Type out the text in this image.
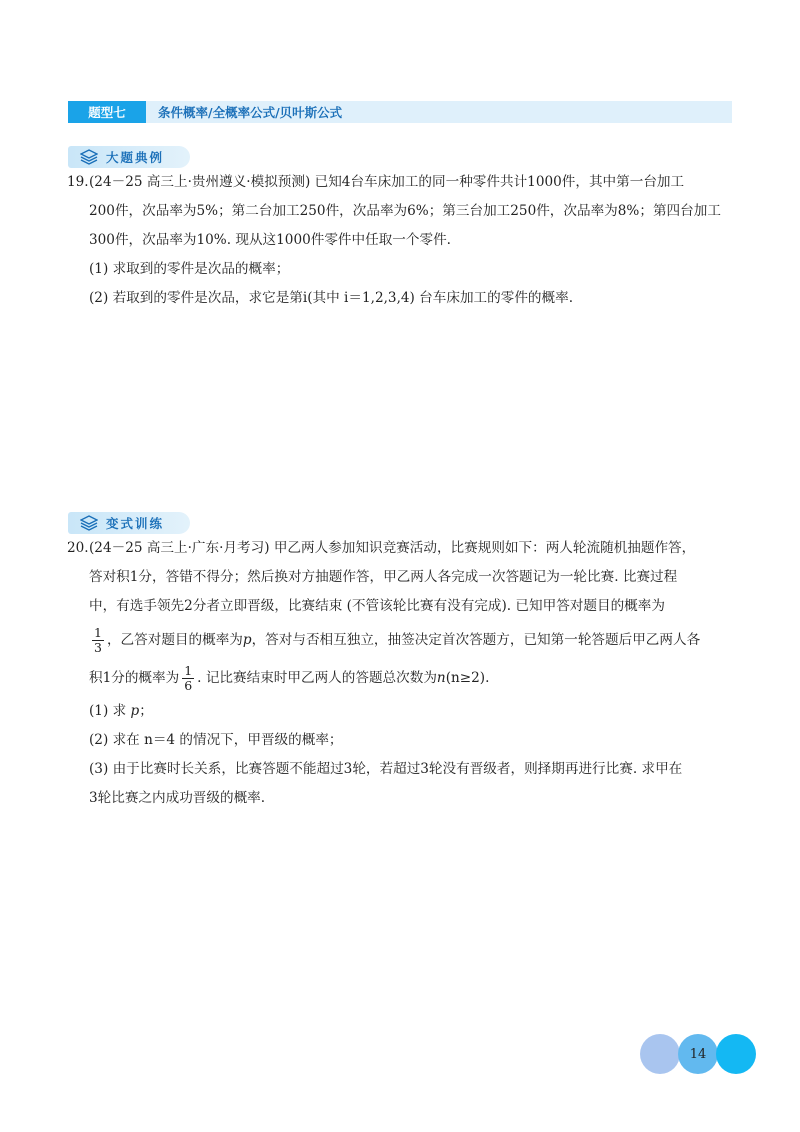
题型七	条件概率/全概率公式/贝叶斯公式
大题典例
19. (24－25 高三上·贵州遵义·模拟预测) 已知4台车床加工的同一种零件共计1000件，其中第一台加工

200件，次品率为5%；第二台加工250件，次品率为6%；第三台加工250件，次品率为8%；第四台加工

300件，次品率为10%. 现从这1000件零件中任取一个零件.

(1) 求取到的零件是次品的概率；

(2) 若取到的零件是次品，求它是第i(其中 i＝1,2,3,4) 台车床加工的零件的概率.

变式训练
20. (24－25 高三上·广东·月考习) 甲乙两人参加知识竞赛活动，比赛规则如下：两人轮流随机抽题作答，

答对积1分，答错不得分；然后换对方抽题作答，甲乙两人各完成一次答题记为一轮比赛. 比赛过程

中，有选手领先2分者立即晋级，比赛结束 (不管该轮比赛有没有完成). 已知甲答对题目的概率为

$\frac{1}{3}$ ，乙答对题目的概率为p，答对与否相互独立，抽签决定首次答题方，已知第一轮答题后甲乙两人各

积1分的概率为 $\frac{1}{6}$ . 记比赛结束时甲乙两人的答题总次数为n(n≥2).

(1) 求 p；

(2) 求在 n＝4 的情况下，甲晋级的概率；

(3) 由于比赛时长关系，比赛答题不能超过3轮，若超过3轮没有晋级者，则择期再进行比赛. 求甲在

3轮比赛之内成功晋级的概率.

14
